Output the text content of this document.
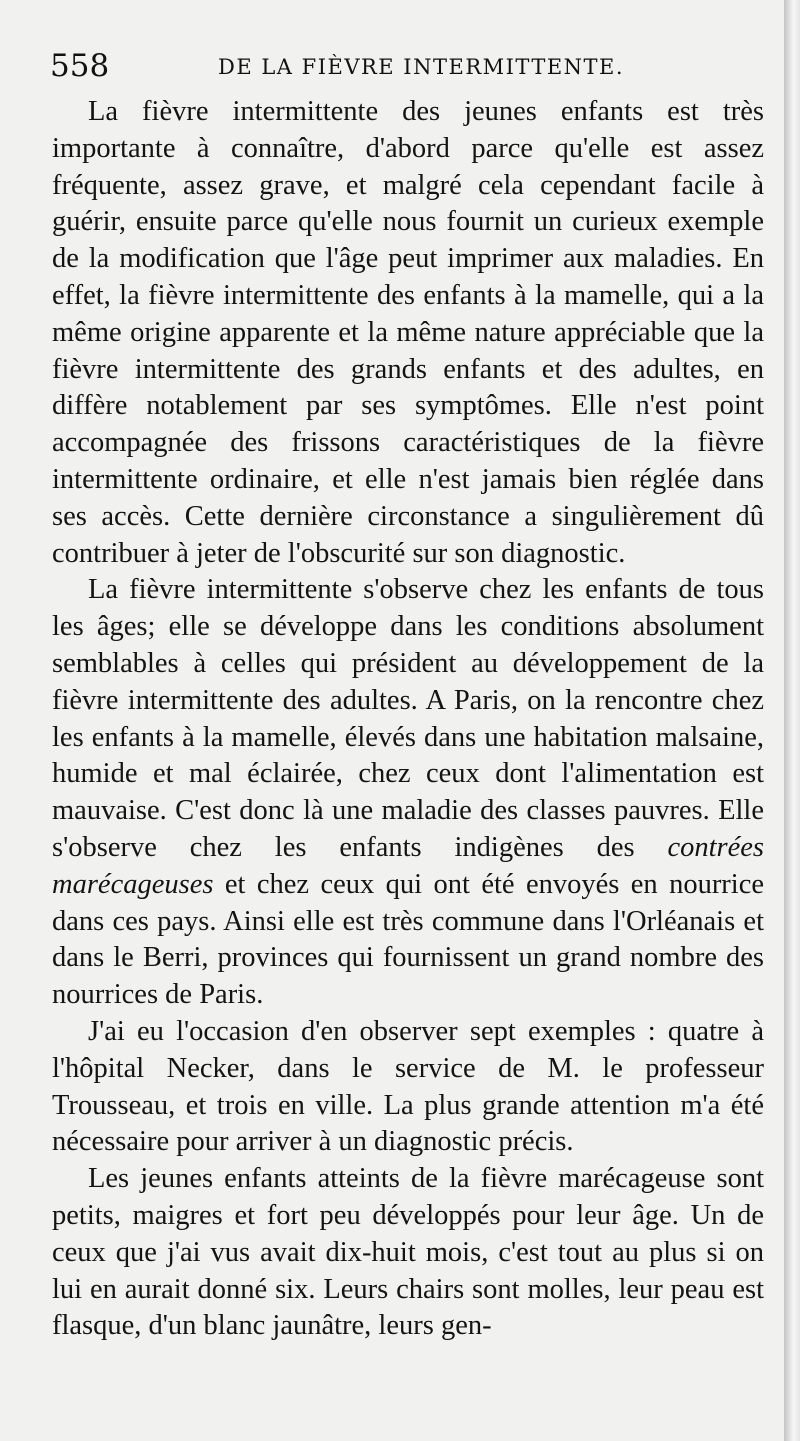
558	DE LA FIÈVRE INTERMITTENTE.

La fièvre intermittente des jeunes enfants est très importante à connaître, d'abord parce qu'elle est assez fréquente, assez grave, et malgré cela cependant facile à guérir, ensuite parce qu'elle nous fournit un curieux exemple de la modification que l'âge peut imprimer aux maladies. En effet, la fièvre intermittente des enfants à la mamelle, qui a la même origine apparente et la même nature appréciable que la fièvre intermittente des grands enfants et des adultes, en diffère notablement par ses symptômes. Elle n'est point accompagnée des frissons caractéristiques de la fièvre intermittente ordinaire, et elle n'est jamais bien réglée dans ses accès. Cette dernière circonstance a singulièrement dû contribuer à jeter de l'obscurité sur son diagnostic.

La fièvre intermittente s'observe chez les enfants de tous les âges; elle se développe dans les conditions absolument semblables à celles qui président au développement de la fièvre intermittente des adultes. A Paris, on la rencontre chez les enfants à la mamelle, élevés dans une habitation malsaine, humide et mal éclairée, chez ceux dont l'alimentation est mauvaise. C'est donc là une maladie des classes pauvres. Elle s'observe chez les enfants indigènes des contrées marécageuses et chez ceux qui ont été envoyés en nourrice dans ces pays. Ainsi elle est très commune dans l'Orléanais et dans le Berri, provinces qui fournissent un grand nombre des nourrices de Paris.

J'ai eu l'occasion d'en observer sept exemples : quatre à l'hôpital Necker, dans le service de M. le professeur Trousseau, et trois en ville. La plus grande attention m'a été nécessaire pour arriver à un diagnostic précis.

Les jeunes enfants atteints de la fièvre marécageuse sont petits, maigres et fort peu développés pour leur âge. Un de ceux que j'ai vus avait dix-huit mois, c'est tout au plus si on lui en aurait donné six. Leurs chairs sont molles, leur peau est flasque, d'un blanc jaunâtre, leurs gen-
